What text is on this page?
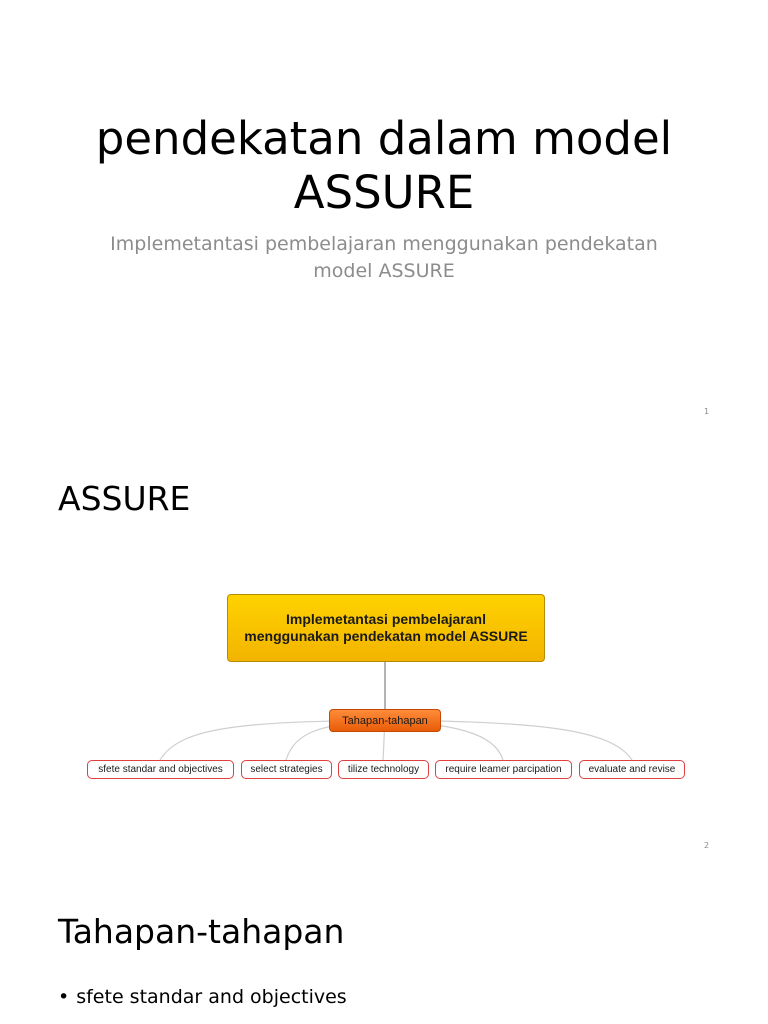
pendekatan dalam model ASSURE
Implemetantasi pembelajaran menggunakan pendekatan model ASSURE
1
ASSURE
Implemetantasi pembelajaranl menggunakan pendekatan model ASSURE
Tahapan-tahapan
sfete standar and objectives	select strategies	tilize technology	require leamer parcipation	evaluate and revise
2
Tahapan-tahapan
• sfete standar and objectives
